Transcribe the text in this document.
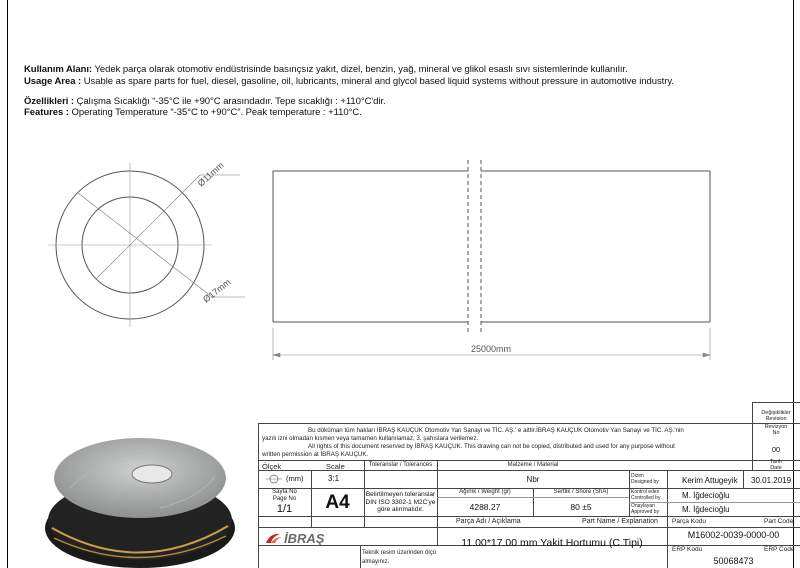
Kullanım Alanı: Yedek parça olarak otomotiv endüstrisinde basınçsız yakıt, dizel, benzin, yağ, mineral ve glikol esaslı sıvı sistemlerinde kullanılır.
Usage Area : Usable as spare parts for fuel, diesel, gasoline, oil, lubricants, mineral and glycol based liquid systems without pressure in automotive industry.
Özellikleri : Çalışma Sıcaklığı “-35°C ile +90°C arasındadır. Tepe sıcaklığı : +110°C'dir.
Features : Operating Temperature “-35°C to +90°C”. Peak temperature : +110°C.
Ø11mm
Ø17mm
25000mm
Değişiklikler
Revision
Bu döküman tüm hakları İBRAŞ KAUÇUK Otomotiv Yan Sanayi ve TİC. AŞ.' e aittir.İBRAŞ KAUÇUK Otomotiv Yan Sanayi ve TİC. AŞ.'nin
yazılı izni olmadan kısmen veya tamamen kullanılamaz, 3. şahıslara verilemez.
All rights of this document reserved by İBRAŞ KAUÇUK. This drawing can not be copied, distributed and used for any purpose without
written permission at İBRAŞ KAUÇUK.
Revizyon
No
00
Tarih
Date
Ölçek	Scale
(mm)	3:1
Sayfa No
Page No
1/1	A4
İBRAŞ
Toleranslar / Tolerances
Belirtilmeyen toleranslar
DIN ISO 3302-1 M2C'ye
göre alınmalıdır.
Malzeme / Material
Nbr
Ağırlık / Weight (gr)
4288.27
Sertlik / Shore (ShA)
80 ±5
Dizen
Designed by	Kerim Attugeyik 30.01.2019
Kontrol eden
Controlled by	M. İğdecioğlu
Onaylayan
Approved by	M. İğdecioğlu
Parça Adı / Açıklama	Part Name / Explanation
11.00*17.00 mm Yakit Hortumu (C Tipi)
Parça Kodu	Part Code
M16002-0039-0000-00
ERP Kodu	ERP Code
50068473
Teknik resim üzerinden ölçü
almayınız.
